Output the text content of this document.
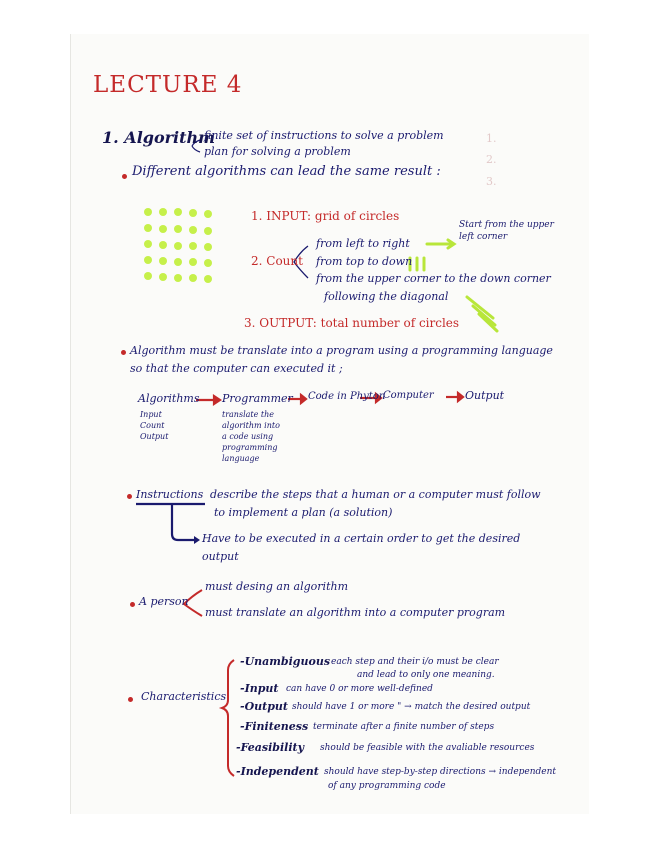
1.
2.
3.
LECTURE 4
1. Algorithm
finite set of instructions to solve a problem
plan for solving a problem
Different algorithms can lead the same result :
1. INPUT: grid of circles
Start from the upper left corner
2. Count
from left to right
from top to down
from the upper corner to the down corner
following the diagonal
3. OUTPUT: total number of circles
Algorithm must be translate into a program using a programming language
so that the computer can executed it ;
Algorithms Programmer Code in Phyton
Computer	Output
Input
Count
Output
translate the
algorithm into
a code using
programming
language
Instructions describe the steps that a human or a computer must follow
to implement a plan (a solution)
Have to be executed in a certain order to get the desired
output
A person
must desing an algorithm
must translate an algorithm into a computer program
Characteristics
-Unambiguous each step and their i/o must be clear
and lead to only one meaning.
-Input can have 0 or more well-defined
-Output should have 1 or more " → match the desired output
-Finiteness terminate after a finite number of steps
-Feasibility should be feasible with the avaliable resources
-Independent should have step-by-step directions → independent
of any programming code
